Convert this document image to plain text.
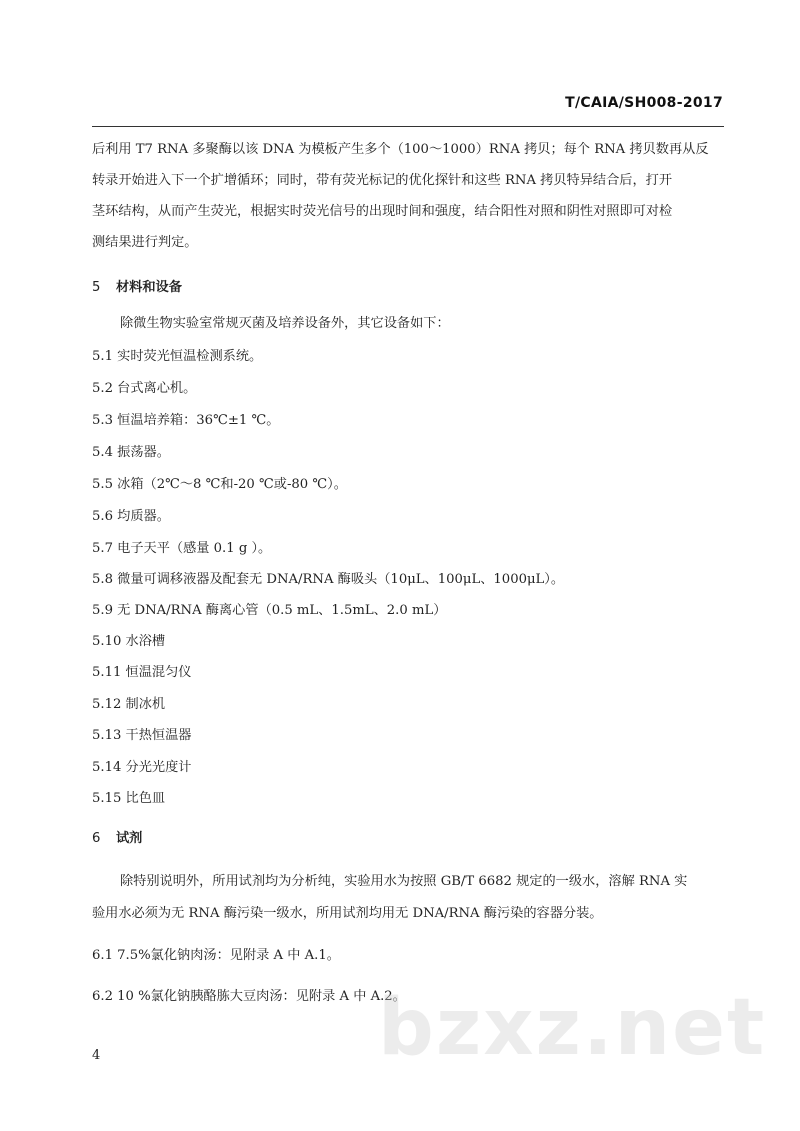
T/CAIA/SH008-2017
后利用 T7 RNA 多聚酶以该 DNA 为模板产生多个（100～1000）RNA 拷贝；每个 RNA 拷贝数再从反
转录开始进入下一个扩增循环；同时，带有荧光标记的优化探针和这些 RNA 拷贝特异结合后，打开
茎环结构，从而产生荧光，根据实时荧光信号的出现时间和强度，结合阳性对照和阴性对照即可对检
测结果进行判定。
5 材料和设备
除微生物实验室常规灭菌及培养设备外，其它设备如下：
5.1 实时荧光恒温检测系统。
5.2 台式离心机。
5.3 恒温培养箱：36℃±1 ℃。
5.4 振荡器。
5.5 冰箱（2℃～8 ℃和-20 ℃或-80 ℃）。
5.6 均质器。
5.7 电子天平（感量 0.1 g ）。
5.8 微量可调移液器及配套无 DNA/RNA 酶吸头（10μL、100μL、1000μL）。
5.9 无 DNA/RNA 酶离心管（0.5 mL、1.5mL、2.0 mL）
5.10 水浴槽
5.11 恒温混匀仪
5.12 制冰机
5.13 干热恒温器
5.14 分光光度计
5.15 比色皿
6 试剂
除特别说明外，所用试剂均为分析纯，实验用水为按照 GB/T 6682 规定的一级水，溶解 RNA 实
验用水必须为无 RNA 酶污染一级水，所用试剂均用无 DNA/RNA 酶污染的容器分装。
6.1 7.5%氯化钠肉汤：见附录 A 中 A.1。
6.2 10 %氯化钠胰酪胨大豆肉汤：见附录 A 中 A.2。
bzxz.net
4
